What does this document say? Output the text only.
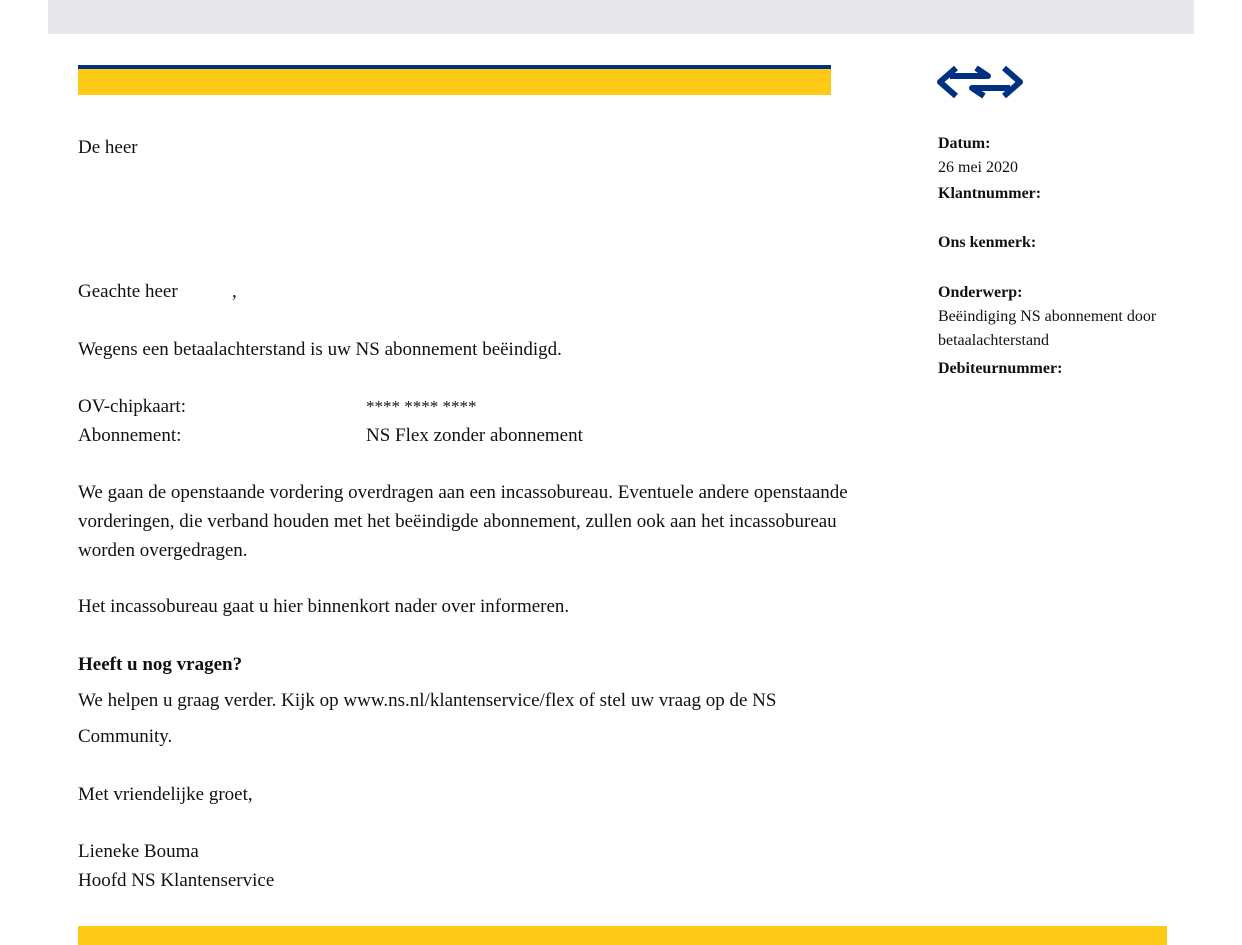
De heer
Geachte heer	,
Wegens een betaalachterstand is uw NS abonnement beëindigd.
OV-chipkaart:	**** **** ****
Abonnement:	NS Flex zonder abonnement
We gaan de openstaande vordering overdragen aan een incassobureau. Eventuele andere openstaande vorderingen, die verband houden met het beëindigde abonnement, zullen ook aan het incassobureau worden overgedragen.
Het incassobureau gaat u hier binnenkort nader over informeren.
Heeft u nog vragen?
We helpen u graag verder. Kijk op www.ns.nl/klantenservice/flex of stel uw vraag op de NS Community.
Met vriendelijke groet,
Lieneke Bouma
Hoofd NS Klantenservice
Datum:
26 mei 2020
Klantnummer:
Ons kenmerk:
Onderwerp:
Beëindiging NS abonnement door betaalachterstand
Debiteurnummer:
